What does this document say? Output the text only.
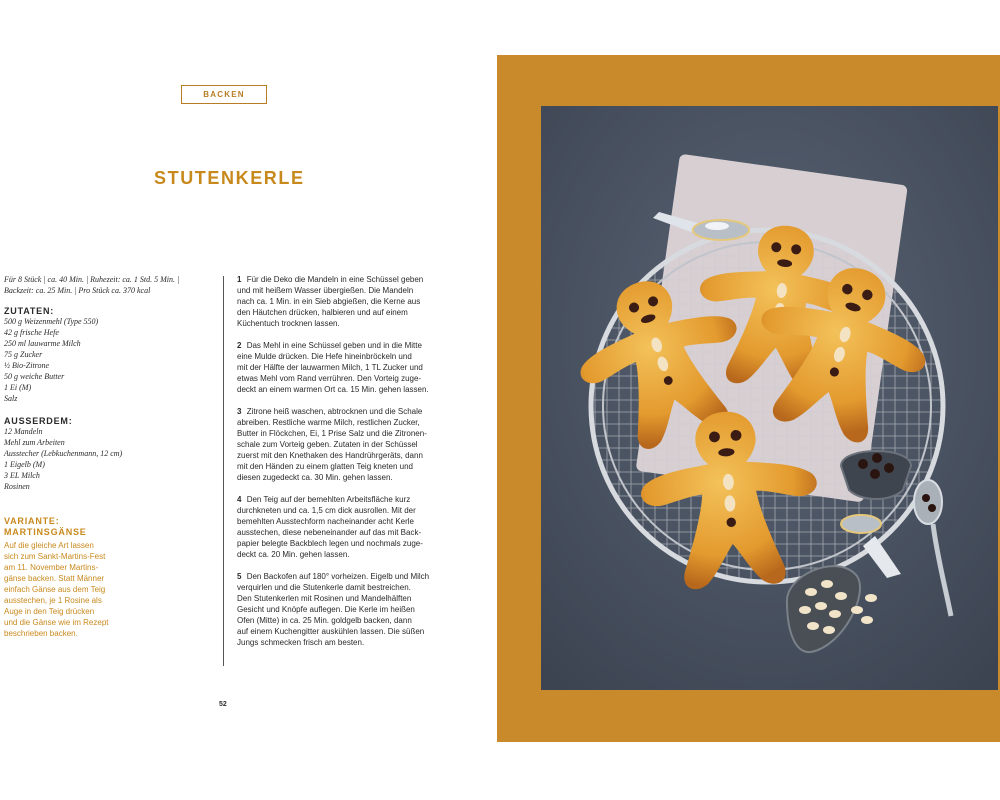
BACKEN
STUTENKERLE
Für 8 Stück | ca. 40 Min. | Ruhezeit: ca. 1 Std. 5 Min. |
Backzeit: ca. 25 Min. | Pro Stück ca. 370 kcal
ZUTATEN:
500 g Weizenmehl (Type 550)
42 g frische Hefe
250 ml lauwarme Milch
75 g Zucker
½ Bio-Zitrone
50 g weiche Butter
1 Ei (M)
Salz
AUSSERDEM:
12 Mandeln
Mehl zum Arbeiten
Ausstecher (Lebkuchenmann, 12 cm)
1 Eigelb (M)
3 EL Milch
Rosinen
VARIANTE:
MARTINSGÄNSE
Auf die gleiche Art lassen
sich zum Sankt-Martins-Fest
am 11. November Martins-
gänse backen. Statt Männer
einfach Gänse aus dem Teig
ausstechen, je 1 Rosine als
Auge in den Teig drücken
und die Gänse wie im Rezept
beschrieben backen.

1 Für die Deko die Mandeln in eine Schüssel geben
und mit heißem Wasser übergießen. Die Mandeln
nach ca. 1 Min. in ein Sieb abgießen, die Kerne aus
den Häutchen drücken, halbieren und auf einem
Küchentuch trocknen lassen.

2 Das Mehl in eine Schüssel geben und in die Mitte
eine Mulde drücken. Die Hefe hineinbröckeln und
mit der Hälfte der lauwarmen Milch, 1 TL Zucker und
etwas Mehl vom Rand verrühren. Den Vorteig zuge-
deckt an einem warmen Ort ca. 15 Min. gehen lassen.

3 Zitrone heiß waschen, abtrocknen und die Schale
abreiben. Restliche warme Milch, restlichen Zucker,
Butter in Flöckchen, Ei, 1 Prise Salz und die Zitronen-
schale zum Vorteig geben. Zutaten in der Schüssel
zuerst mit den Knethaken des Handrührgeräts, dann
mit den Händen zu einem glatten Teig kneten und
diesen zugedeckt ca. 30 Min. gehen lassen.

4 Den Teig auf der bemehlten Arbeitsfläche kurz
durchkneten und ca. 1,5 cm dick ausrollen. Mit der
bemehlten Ausstechform nacheinander acht Kerle
ausstechen, diese nebeneinander auf das mit Back-
papier belegte Backblech legen und nochmals zuge-
deckt ca. 20 Min. gehen lassen.

5 Den Backofen auf 180° vorheizen. Eigelb und Milch
verquirlen und die Stutenkerle damit bestreichen.
Den Stutenkerlen mit Rosinen und Mandelhälften
Gesicht und Knöpfe auflegen. Die Kerle im heißen
Ofen (Mitte) in ca. 25 Min. goldgelb backen, dann
auf einem Kuchengitter auskühlen lassen. Die süßen
Jungs schmecken frisch am besten.

52
